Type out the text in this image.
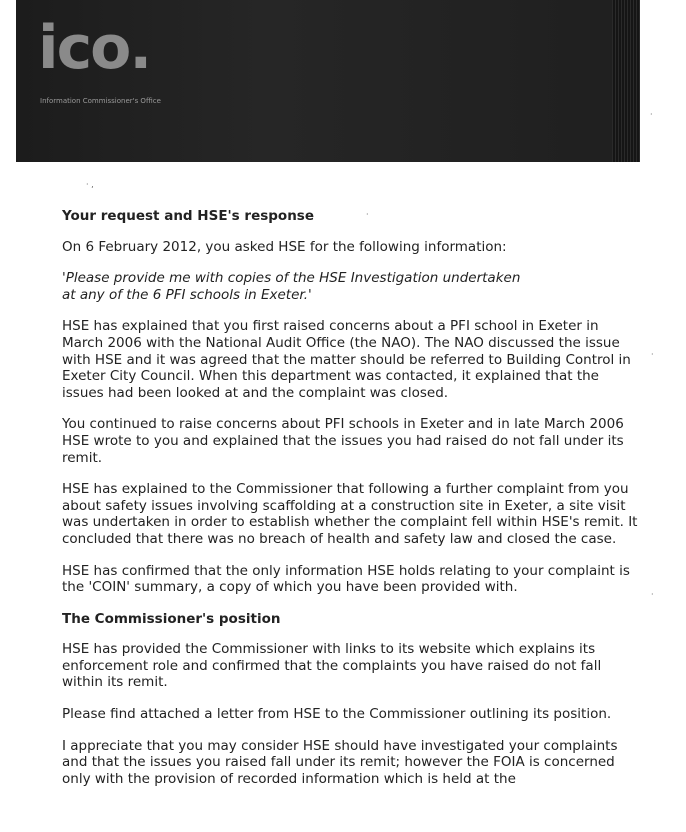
ico.
Information Commissioner's Office
· ,
·
·
·
·
Your request and HSE's response

On 6 February 2012, you asked HSE for the following information:

'Please provide me with copies of the HSE Investigation undertaken at any of the 6 PFI schools in Exeter.'

HSE has explained that you first raised concerns about a PFI school in Exeter in March 2006 with the National Audit Office (the NAO). The NAO discussed the issue with HSE and it was agreed that the matter should be referred to Building Control in Exeter City Council. When this department was contacted, it explained that the issues had been looked at and the complaint was closed.

You continued to raise concerns about PFI schools in Exeter and in late March 2006 HSE wrote to you and explained that the issues you had raised do not fall under its remit.

HSE has explained to the Commissioner that following a further complaint from you about safety issues involving scaffolding at a construction site in Exeter, a site visit was undertaken in order to establish whether the complaint fell within HSE's remit. It concluded that there was no breach of health and safety law and closed the case.

HSE has confirmed that the only information HSE holds relating to your complaint is the 'COIN' summary, a copy of which you have been provided with.

The Commissioner's position

HSE has provided the Commissioner with links to its website which explains its enforcement role and confirmed that the complaints you have raised do not fall within its remit.

Please find attached a letter from HSE to the Commissioner outlining its position.

I appreciate that you may consider HSE should have investigated your complaints and that the issues you raised fall under its remit; however the FOIA is concerned only with the provision of recorded information which is held at the
